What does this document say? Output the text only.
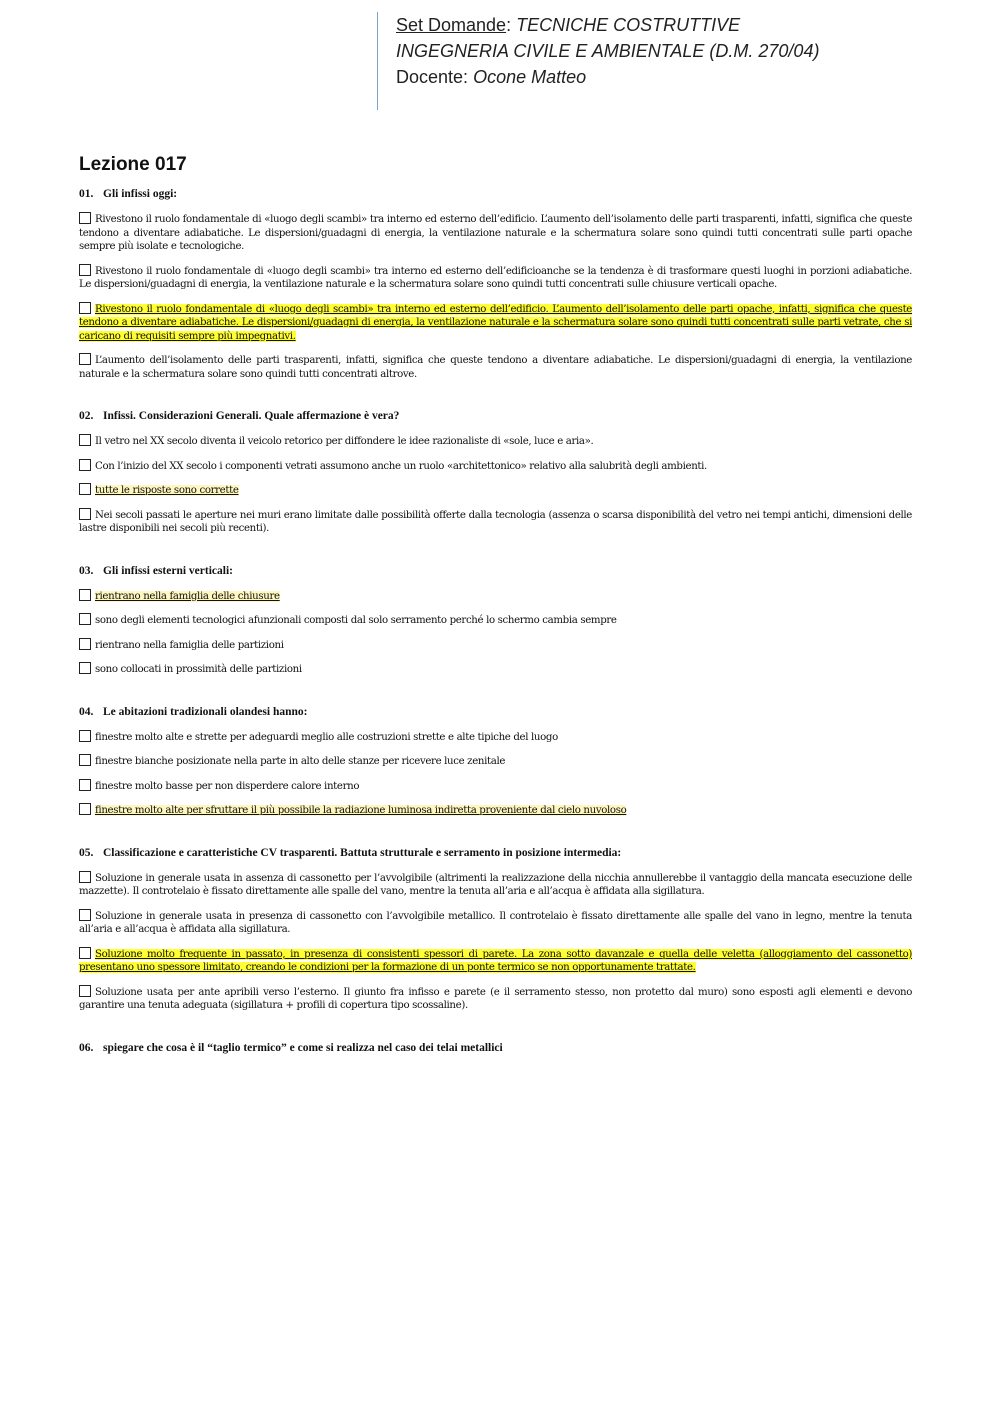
Set Domande: TECNICHE COSTRUTTIVE
INGEGNERIA CIVILE E AMBIENTALE (D.M. 270/04)
Docente: Ocone Matteo
Lezione 017

01. Gli infissi oggi:

Rivestono il ruolo fondamentale di «luogo degli scambi» tra interno ed esterno dell’edificio. L’aumento dell’isolamento delle parti trasparenti, infatti, significa che queste tendono a diventare adiabatiche. Le dispersioni/guadagni di energia, la ventilazione naturale e la schermatura solare sono quindi tutti concentrati sulle parti opache sempre più isolate e tecnologiche.

Rivestono il ruolo fondamentale di «luogo degli scambi» tra interno ed esterno dell’edificioanche se la tendenza è di trasformare questi luoghi in porzioni adiabatiche. Le dispersioni/guadagni di energia, la ventilazione naturale e la schermatura solare sono quindi tutti concentrati sulle chiusure verticali opache.

Rivestono il ruolo fondamentale di «luogo degli scambi» tra interno ed esterno dell’edificio. L’aumento dell’isolamento delle parti opache, infatti, significa che queste tendono a diventare adiabatiche. Le dispersioni/guadagni di energia, la ventilazione naturale e la schermatura solare sono quindi tutti concentrati sulle parti vetrate, che si caricano di requisiti sempre più impegnativi.

L’aumento dell’isolamento delle parti trasparenti, infatti, significa che queste tendono a diventare adiabatiche. Le dispersioni/guadagni di energia, la ventilazione naturale e la schermatura solare sono quindi tutti concentrati altrove.

02. Infissi. Considerazioni Generali. Quale affermazione è vera?

Il vetro nel XX secolo diventa il veicolo retorico per diffondere le idee razionaliste di «sole, luce e aria».

Con l’inizio del XX secolo i componenti vetrati assumono anche un ruolo «architettonico» relativo alla salubrità degli ambienti.

tutte le risposte sono corrette

Nei secoli passati le aperture nei muri erano limitate dalle possibilità offerte dalla tecnologia (assenza o scarsa disponibilità del vetro nei tempi antichi, dimensioni delle lastre disponibili nei secoli più recenti).

03. Gli infissi esterni verticali:

rientrano nella famiglia delle chiusure

sono degli elementi tecnologici afunzionali composti dal solo serramento perché lo schermo cambia sempre

rientrano nella famiglia delle partizioni

sono collocati in prossimità delle partizioni

04. Le abitazioni tradizionali olandesi hanno:

finestre molto alte e strette per adeguardi meglio alle costruzioni strette e alte tipiche del luogo

finestre bianche posizionate nella parte in alto delle stanze per ricevere luce zenitale

finestre molto basse per non disperdere calore interno

finestre molto alte per sfruttare il più possibile la radiazione luminosa indiretta proveniente dal cielo nuvoloso

05. Classificazione e caratteristiche CV trasparenti. Battuta strutturale e serramento in posizione intermedia:

Soluzione in generale usata in assenza di cassonetto per l’avvolgibile (altrimenti la realizzazione della nicchia annullerebbe il vantaggio della mancata esecuzione delle mazzette). Il controtelaio è fissato direttamente alle spalle del vano, mentre la tenuta all’aria e all’acqua è affidata alla sigillatura.

Soluzione in generale usata in presenza di cassonetto con l’avvolgibile metallico. Il controtelaio è fissato direttamente alle spalle del vano in legno, mentre la tenuta all’aria e all’acqua è affidata alla sigillatura.

Soluzione molto frequente in passato, in presenza di consistenti spessori di parete. La zona sotto davanzale e quella delle veletta (alloggiamento del cassonetto) presentano uno spessore limitato, creando le condizioni per la formazione di un ponte termico se non opportunamente trattate.

Soluzione usata per ante apribili verso l’esterno. Il giunto fra infisso e parete (e il serramento stesso, non protetto dal muro) sono esposti agli elementi e devono garantire una tenuta adeguata (sigillatura + profili di copertura tipo scossaline).

06. spiegare che cosa è il “taglio termico” e come si realizza nel caso dei telai metallici
